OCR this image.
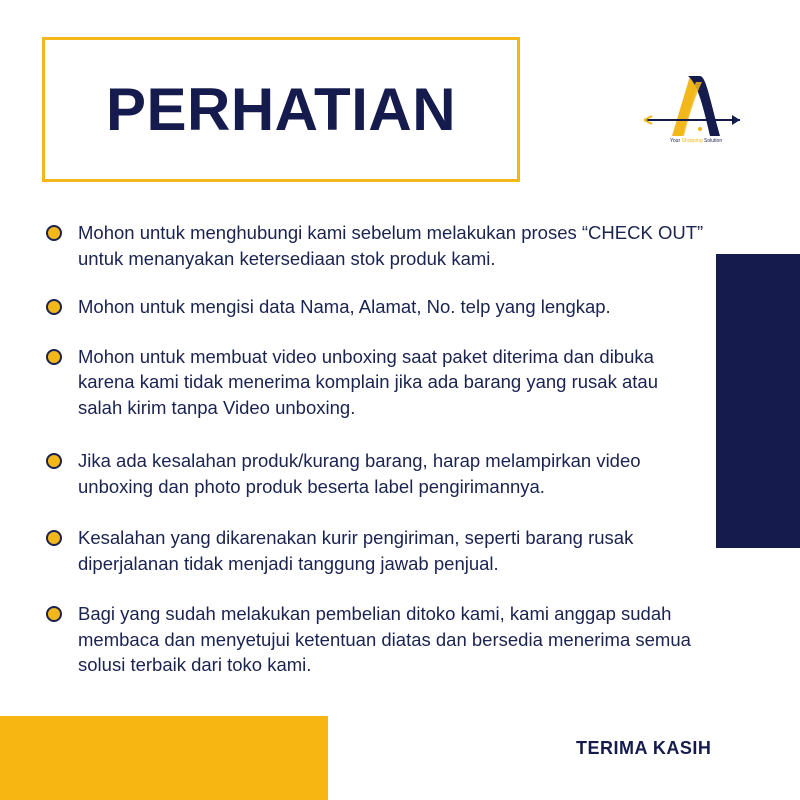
PERHATIAN	Your Shopping Solution
Mohon untuk menghubungi kami sebelum melakukan proses “CHECK OUT” untuk menanyakan ketersediaan stok produk kami.
Mohon untuk mengisi data Nama, Alamat, No. telp yang lengkap.
Mohon untuk membuat video unboxing saat paket diterima dan dibuka karena kami tidak menerima komplain jika ada barang yang rusak atau salah kirim tanpa Video unboxing.
Jika ada kesalahan produk/kurang barang, harap melampirkan video unboxing dan photo produk beserta label pengirimannya.
Kesalahan yang dikarenakan kurir pengiriman, seperti barang rusak diperjalanan tidak menjadi tanggung jawab penjual.
Bagi yang sudah melakukan pembelian ditoko kami, kami anggap sudah membaca dan menyetujui ketentuan diatas dan bersedia menerima semua solusi terbaik dari toko kami.
TERIMA KASIH
